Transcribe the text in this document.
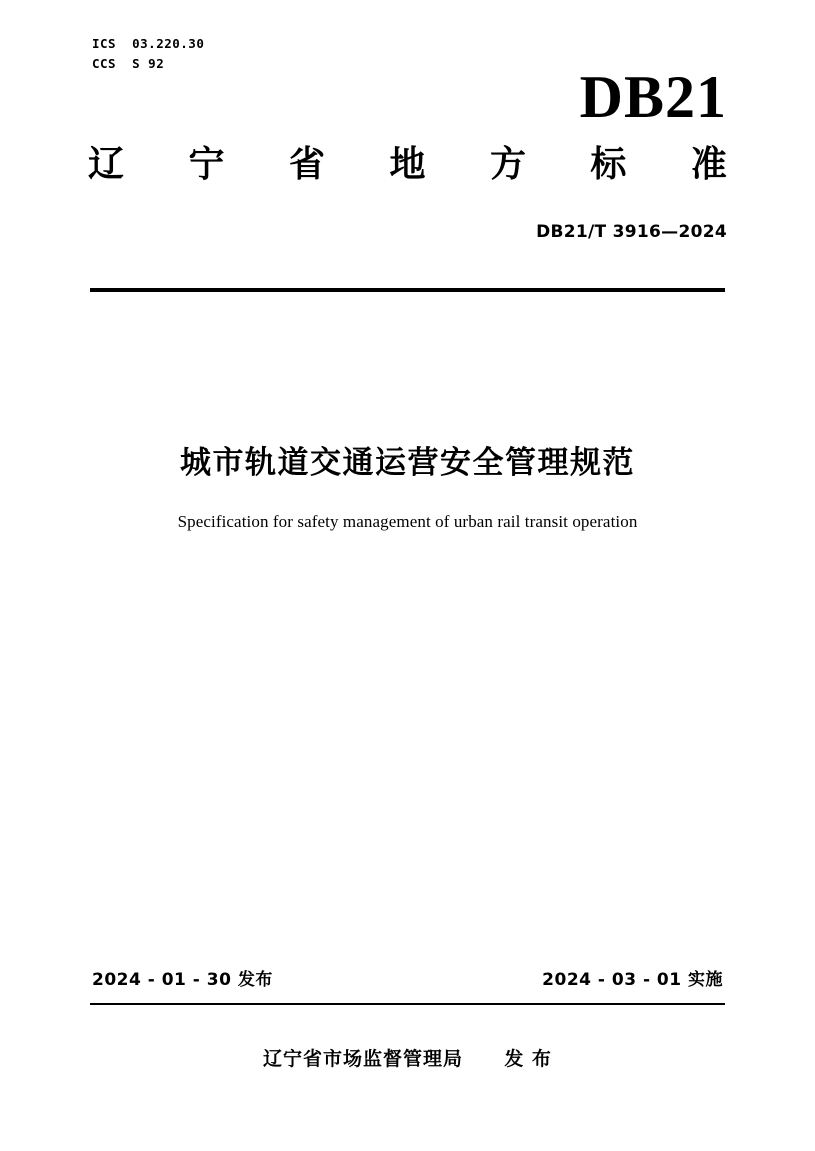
ICS  03.220.30
CCS  S 92
DB21
辽 宁 省 地 方 标 准
DB21/T 3916—2024
城市轨道交通运营安全管理规范
Specification for safety management of urban rail transit operation
2024 - 01 - 30 发布	2024 - 03 - 01 实施
辽宁省市场监督管理局 发 布
